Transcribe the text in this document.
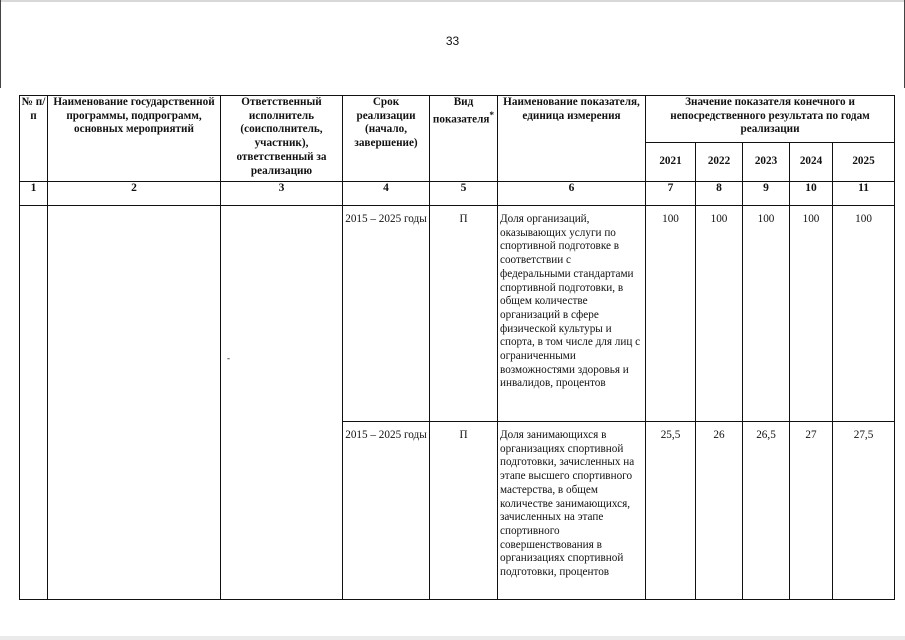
33
№ п/п	Наименование государственной программы, подпрограмм, основных мероприятий	Ответственный исполнитель (соисполнитель, участник), ответственный за реализацию	Срок реализации (начало, завершение)	Вид показателя*	Наименование показателя, единица измерения	Значение показателя конечного и непосредственного результата по годам реализации				
						2021	2022	2023	2024	2025
1	2	3	4	5	6	7	8	9	10	11

		-	2015 – 2025 годы	П	Доля организаций, оказывающих услуги по спортивной подготовке в соответствии с федеральными стандартами спортивной подготовки, в общем количестве организаций в сфере физической культуры и спорта, в том числе для лиц с ограниченными возможностями здоровья и инвалидов, процентов	100	100	100	100	100
			2015 – 2025 годы	П	Доля занимающихся в организациях спортивной подготовки, зачисленных на этапе высшего спортивного мастерства, в общем количестве занимающихся, зачисленных на этапе спортивного совершенствования в организациях спортивной подготовки, процентов	25,5	26	26,5	27	27,5
